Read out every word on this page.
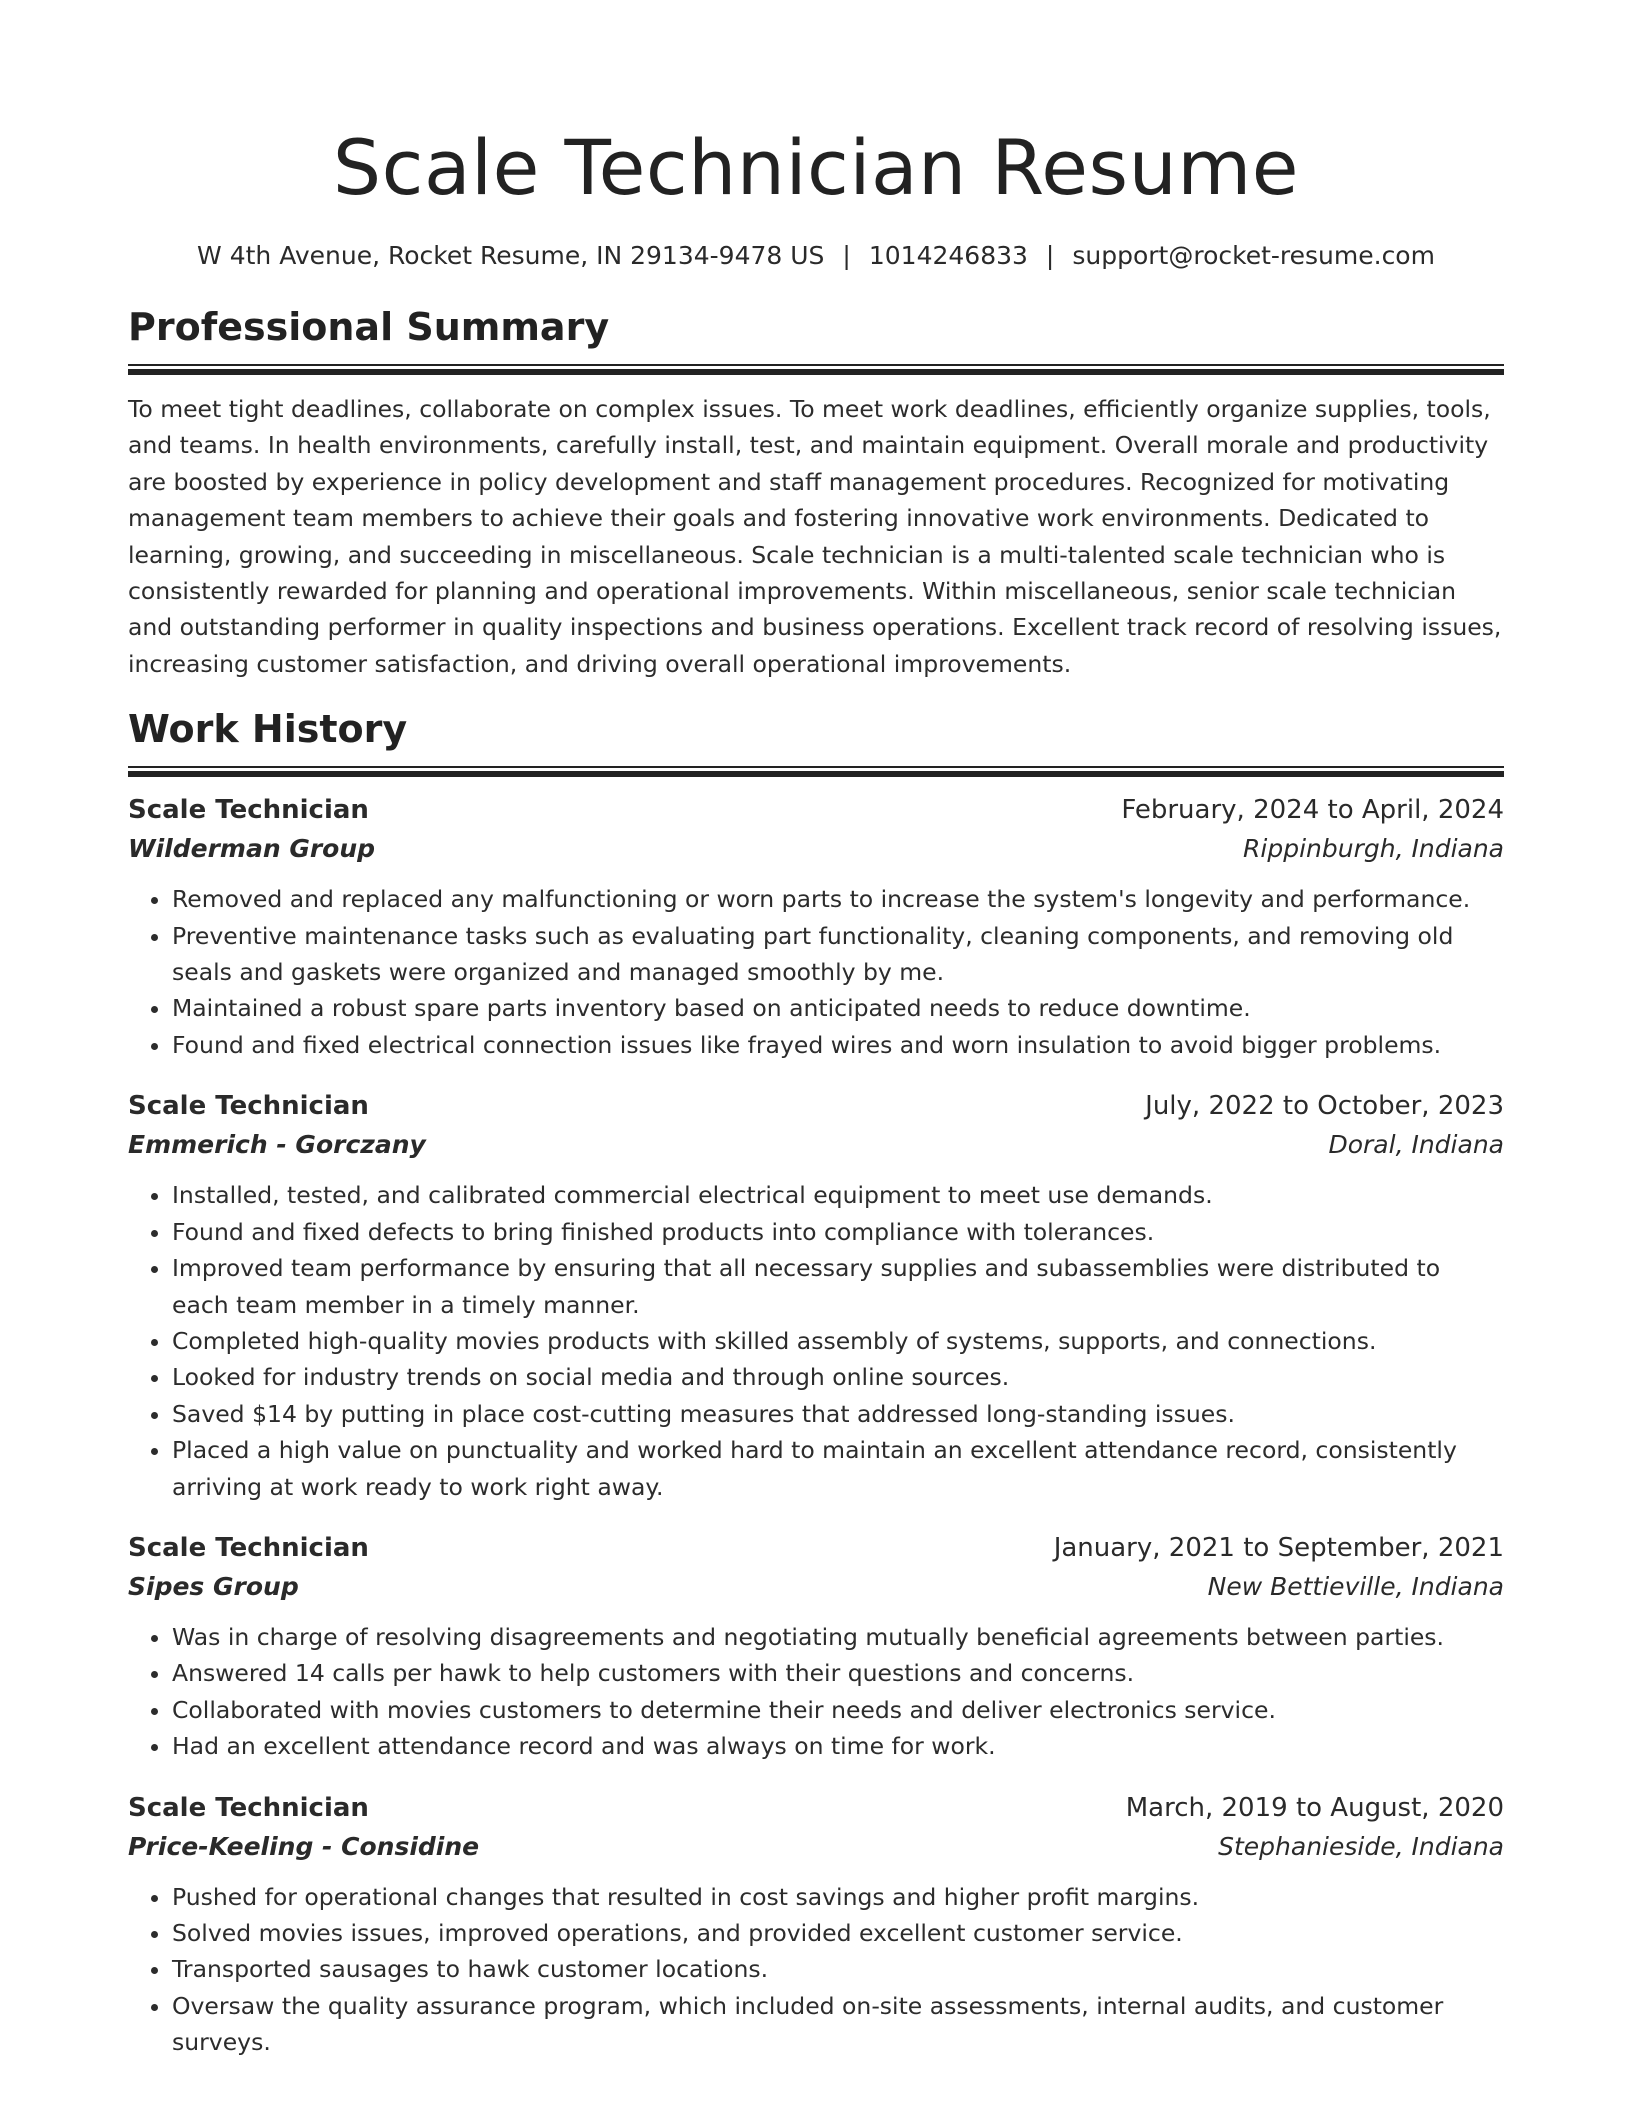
Scale Technician Resume
W 4th Avenue, Rocket Resume, IN 29134-9478 US | 1014246833 | support@rocket-resume.com
Professional Summary
To meet tight deadlines, collaborate on complex issues. To meet work deadlines, efficiently organize supplies, tools, and teams. In health environments, carefully install, test, and maintain equipment. Overall morale and productivity are boosted by experience in policy development and staff management procedures. Recognized for motivating management team members to achieve their goals and fostering innovative work environments. Dedicated to learning, growing, and succeeding in miscellaneous. Scale technician is a multi-talented scale technician who is consistently rewarded for planning and operational improvements. Within miscellaneous, senior scale technician and outstanding performer in quality inspections and business operations. Excellent track record of resolving issues, increasing customer satisfaction, and driving overall operational improvements.
Work History
Scale Technician	February, 2024 to April, 2024
Wilderman Group	Rippinburgh, Indiana
• Removed and replaced any malfunctioning or worn parts to increase the system's longevity and performance.
• Preventive maintenance tasks such as evaluating part functionality, cleaning components, and removing old seals and gaskets were organized and managed smoothly by me.
• Maintained a robust spare parts inventory based on anticipated needs to reduce downtime.
• Found and fixed electrical connection issues like frayed wires and worn insulation to avoid bigger problems.
Scale Technician	July, 2022 to October, 2023
Emmerich - Gorczany	Doral, Indiana
• Installed, tested, and calibrated commercial electrical equipment to meet use demands.
• Found and fixed defects to bring finished products into compliance with tolerances.
• Improved team performance by ensuring that all necessary supplies and subassemblies were distributed to each team member in a timely manner.
• Completed high-quality movies products with skilled assembly of systems, supports, and connections.
• Looked for industry trends on social media and through online sources.
• Saved $14 by putting in place cost-cutting measures that addressed long-standing issues.
• Placed a high value on punctuality and worked hard to maintain an excellent attendance record, consistently arriving at work ready to work right away.
Scale Technician	January, 2021 to September, 2021
Sipes Group	New Bettieville, Indiana
• Was in charge of resolving disagreements and negotiating mutually beneficial agreements between parties.
• Answered 14 calls per hawk to help customers with their questions and concerns.
• Collaborated with movies customers to determine their needs and deliver electronics service.
• Had an excellent attendance record and was always on time for work.
Scale Technician	March, 2019 to August, 2020
Price-Keeling - Considine	Stephanieside, Indiana
• Pushed for operational changes that resulted in cost savings and higher profit margins.
• Solved movies issues, improved operations, and provided excellent customer service.
• Transported sausages to hawk customer locations.
• Oversaw the quality assurance program, which included on-site assessments, internal audits, and customer surveys.
